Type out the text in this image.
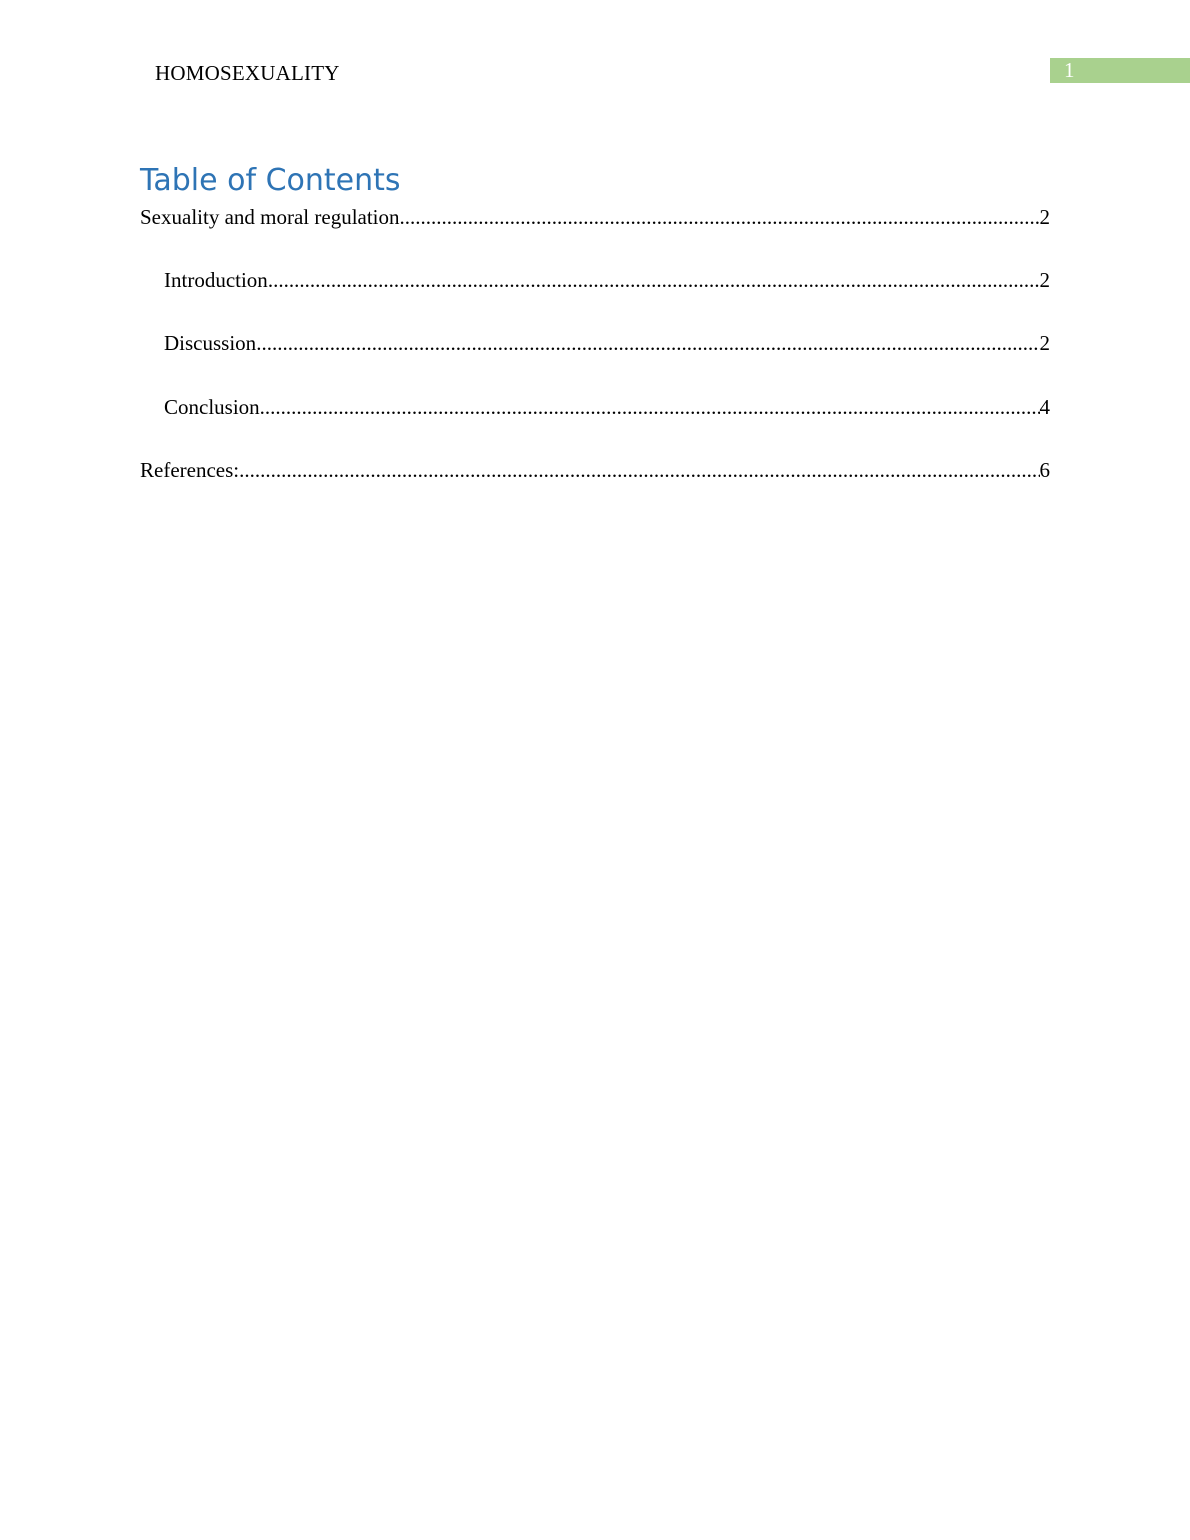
HOMOSEXUALITY	1
Table of Contents
Sexuality and moral regulation .....	2
Introduction .....	2
Discussion .....	2
Conclusion .....	4
References: .....	6
